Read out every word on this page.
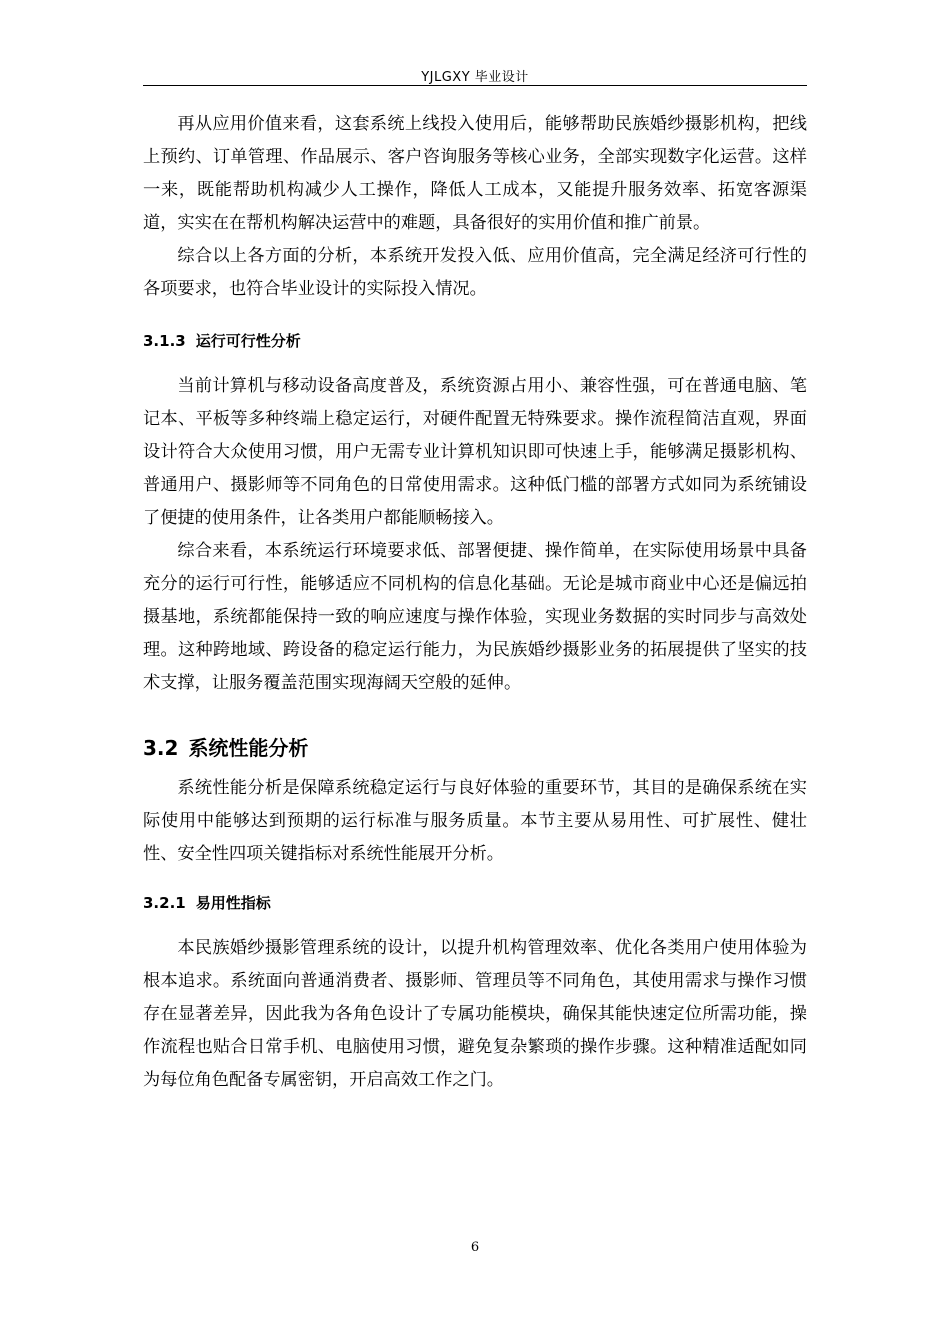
YJLGXY 毕业设计

再从应用价值来看，这套系统上线投入使用后，能够帮助民族婚纱摄影机构，把线上预约、订单管理、作品展示、客户咨询服务等核心业务，全部实现数字化运营。这样一来，既能帮助机构减少人工操作，降低人工成本，又能提升服务效率、拓宽客源渠道，实实在在帮机构解决运营中的难题，具备很好的实用价值和推广前景。

综合以上各方面的分析，本系统开发投入低、应用价值高，完全满足经济可行性的各项要求，也符合毕业设计的实际投入情况。

3.1.3 运行可行性分析

当前计算机与移动设备高度普及，系统资源占用小、兼容性强，可在普通电脑、笔记本、平板等多种终端上稳定运行，对硬件配置无特殊要求。操作流程简洁直观，界面设计符合大众使用习惯，用户无需专业计算机知识即可快速上手，能够满足摄影机构、普通用户、摄影师等不同角色的日常使用需求。这种低门槛的部署方式如同为系统铺设了便捷的使用条件，让各类用户都能顺畅接入。

综合来看，本系统运行环境要求低、部署便捷、操作简单，在实际使用场景中具备充分的运行可行性，能够适应不同机构的信息化基础。无论是城市商业中心还是偏远拍摄基地，系统都能保持一致的响应速度与操作体验，实现业务数据的实时同步与高效处理。这种跨地域、跨设备的稳定运行能力，为民族婚纱摄影业务的拓展提供了坚实的技术支撑，让服务覆盖范围实现海阔天空般的延伸。

3.2 系统性能分析

系统性能分析是保障系统稳定运行与良好体验的重要环节，其目的是确保系统在实际使用中能够达到预期的运行标准与服务质量。本节主要从易用性、可扩展性、健壮性、安全性四项关键指标对系统性能展开分析。

3.2.1 易用性指标

本民族婚纱摄影管理系统的设计，以提升机构管理效率、优化各类用户使用体验为根本追求。系统面向普通消费者、摄影师、管理员等不同角色，其使用需求与操作习惯存在显著差异，因此我为各角色设计了专属功能模块，确保其能快速定位所需功能，操作流程也贴合日常手机、电脑使用习惯，避免复杂繁琐的操作步骤。这种精准适配如同为每位角色配备专属密钥，开启高效工作之门。

6
